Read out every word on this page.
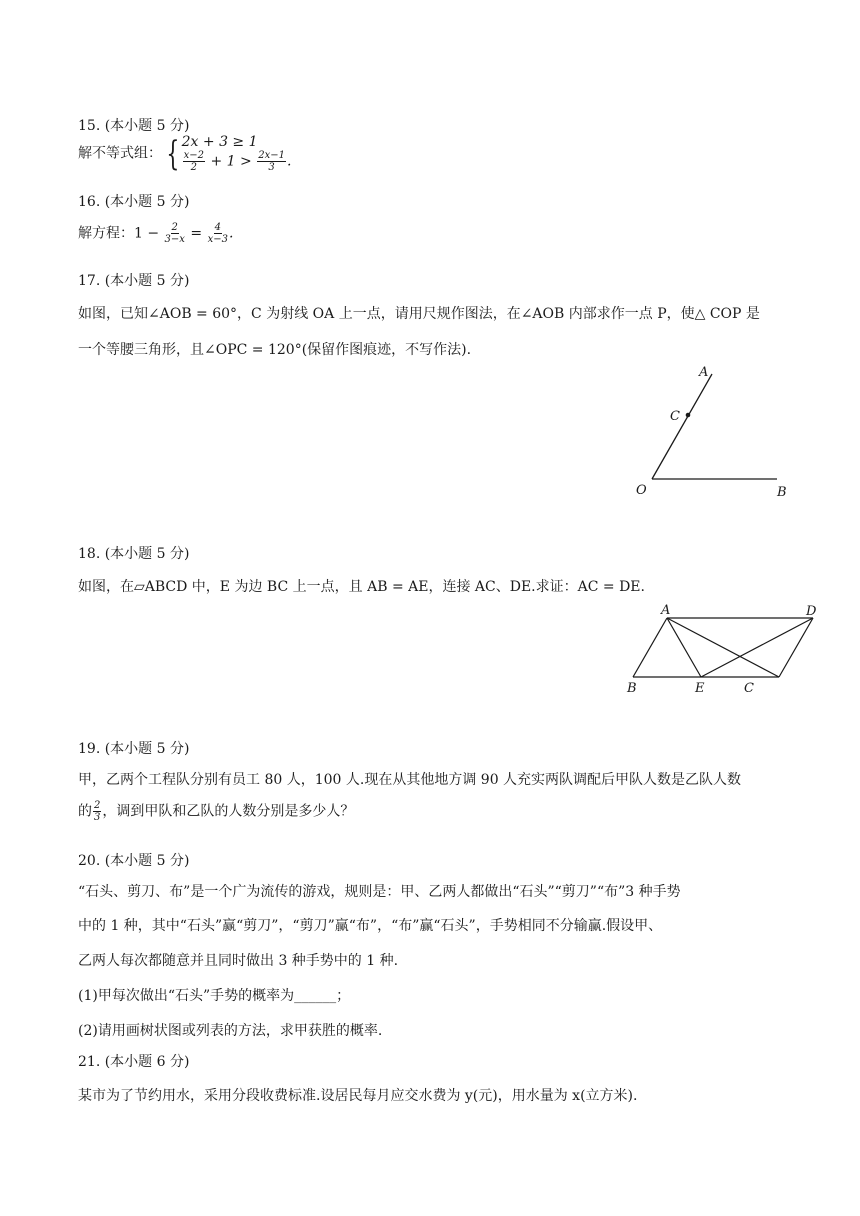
15. (本小题 5 分)
解不等式组： { 2x + 3 ≥ 1
$\frac{x-2}{2} + 1 > \frac{2x-1}{3}$ .
16. (本小题 5 分)
解方程：$1 - \frac{2}{3-x} = \frac{4}{x-3}$ .
17. (本小题 5 分)
如图，已知∠AOB = 60°，C 为射线 OA 上一点，请用尺规作图法，在∠AOB 内部求作一点 P，使△ COP 是
一个等腰三角形，且∠OPC = 120°(保留作图痕迹，不写作法).
A
C
O	B
18. (本小题 5 分)
如图，在▱ABCD 中，E 为边 BC 上一点，且 AB = AE，连接 AC、DE.求证：AC = DE.
A	D
B	E	C
19. (本小题 5 分)
甲，乙两个工程队分别有员工 80 人，100 人.现在从其他地方调 90 人充实两队调配后甲队人数是乙队人数
的 $\frac{2}{3}$ ，调到甲队和乙队的人数分别是多少人？
20. (本小题 5 分)
“石头、剪刀、布”是一个广为流传的游戏，规则是：甲、乙两人都做出“石头”“剪刀”“布”3 种手势
中的 1 种，其中“石头”赢“剪刀”，“剪刀”赢“布”，“布”赢“石头”，手势相同不分输赢.假设甲、
乙两人每次都随意并且同时做出 3 种手势中的 1 种.
(1)甲每次做出“石头”手势的概率为______；
(2)请用画树状图或列表的方法，求甲获胜的概率.
21. (本小题 6 分)
某市为了节约用水，采用分段收费标准.设居民每月应交水费为 y(元)，用水量为 x(立方米).
